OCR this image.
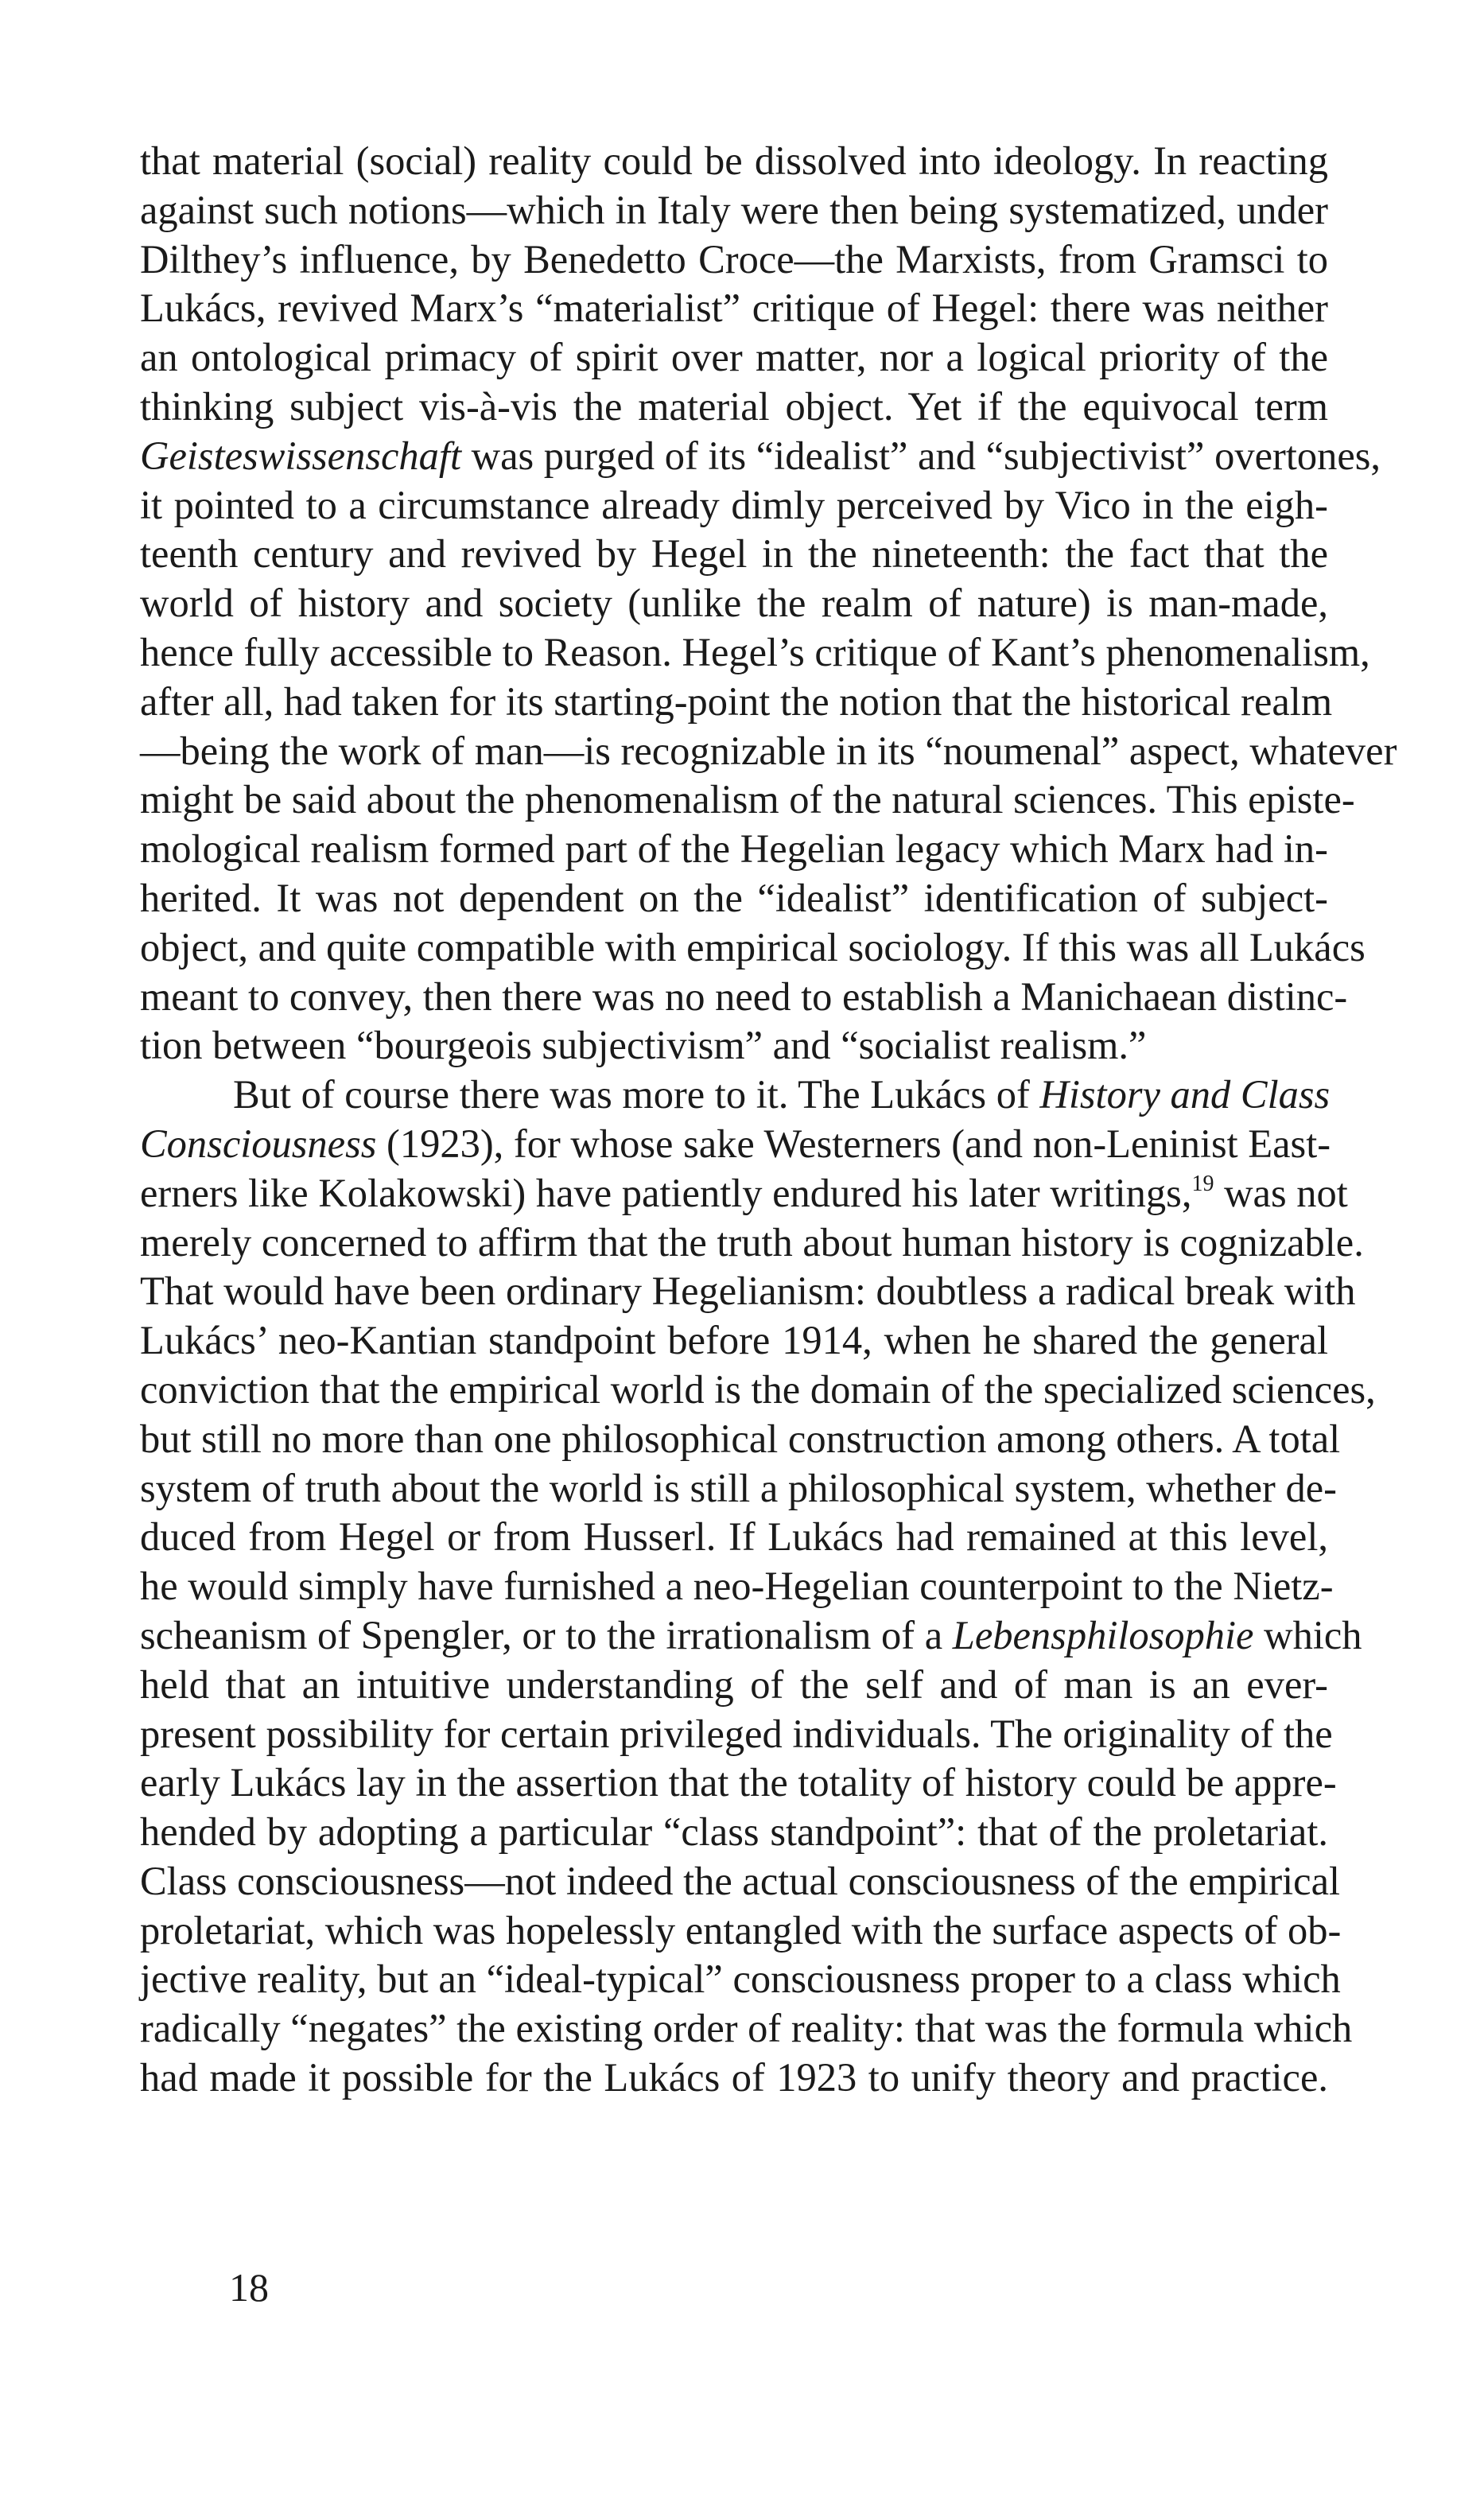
that material (social) reality could be dissolved into ideology. In reacting
against such notions—which in Italy were then being systematized, under
Dilthey’s influence, by Benedetto Croce—the Marxists, from Gramsci to
Lukács, revived Marx’s “materialist” critique of Hegel: there was neither
an ontological primacy of spirit over matter, nor a logical priority of the
thinking subject vis-à-vis the material object. Yet if the equivocal term
Geisteswissenschaft was purged of its “idealist” and “subjectivist” overtones,
it pointed to a circumstance already dimly perceived by Vico in the eigh-
teenth century and revived by Hegel in the nineteenth: the fact that the
world of history and society (unlike the realm of nature) is man-made,
hence fully accessible to Reason. Hegel’s critique of Kant’s phenomenalism,
after all, had taken for its starting-point the notion that the historical realm
—being the work of man—is recognizable in its “noumenal” aspect, whatever
might be said about the phenomenalism of the natural sciences. This episte-
mological realism formed part of the Hegelian legacy which Marx had in-
herited. It was not dependent on the “idealist” identification of subject-
object, and quite compatible with empirical sociology. If this was all Lukács
meant to convey, then there was no need to establish a Manichaean distinc-
tion between “bourgeois subjectivism” and “socialist realism.”
But of course there was more to it. The Lukács of History and Class
Consciousness (1923), for whose sake Westerners (and non-Leninist East-
erners like Kolakowski) have patiently endured his later writings,$^{19}$ was not
merely concerned to affirm that the truth about human history is cognizable.
That would have been ordinary Hegelianism: doubtless a radical break with
Lukács’ neo-Kantian standpoint before 1914, when he shared the general
conviction that the empirical world is the domain of the specialized sciences,
but still no more than one philosophical construction among others. A total
system of truth about the world is still a philosophical system, whether de-
duced from Hegel or from Husserl. If Lukács had remained at this level,
he would simply have furnished a neo-Hegelian counterpoint to the Nietz-
scheanism of Spengler, or to the irrationalism of a Lebensphilosophie which
held that an intuitive understanding of the self and of man is an ever-
present possibility for certain privileged individuals. The originality of the
early Lukács lay in the assertion that the totality of history could be appre-
hended by adopting a particular “class standpoint”: that of the proletariat.
Class consciousness—not indeed the actual consciousness of the empirical
proletariat, which was hopelessly entangled with the surface aspects of ob-
jective reality, but an “ideal-typical” consciousness proper to a class which
radically “negates” the existing order of reality: that was the formula which
had made it possible for the Lukács of 1923 to unify theory and practice.
18
